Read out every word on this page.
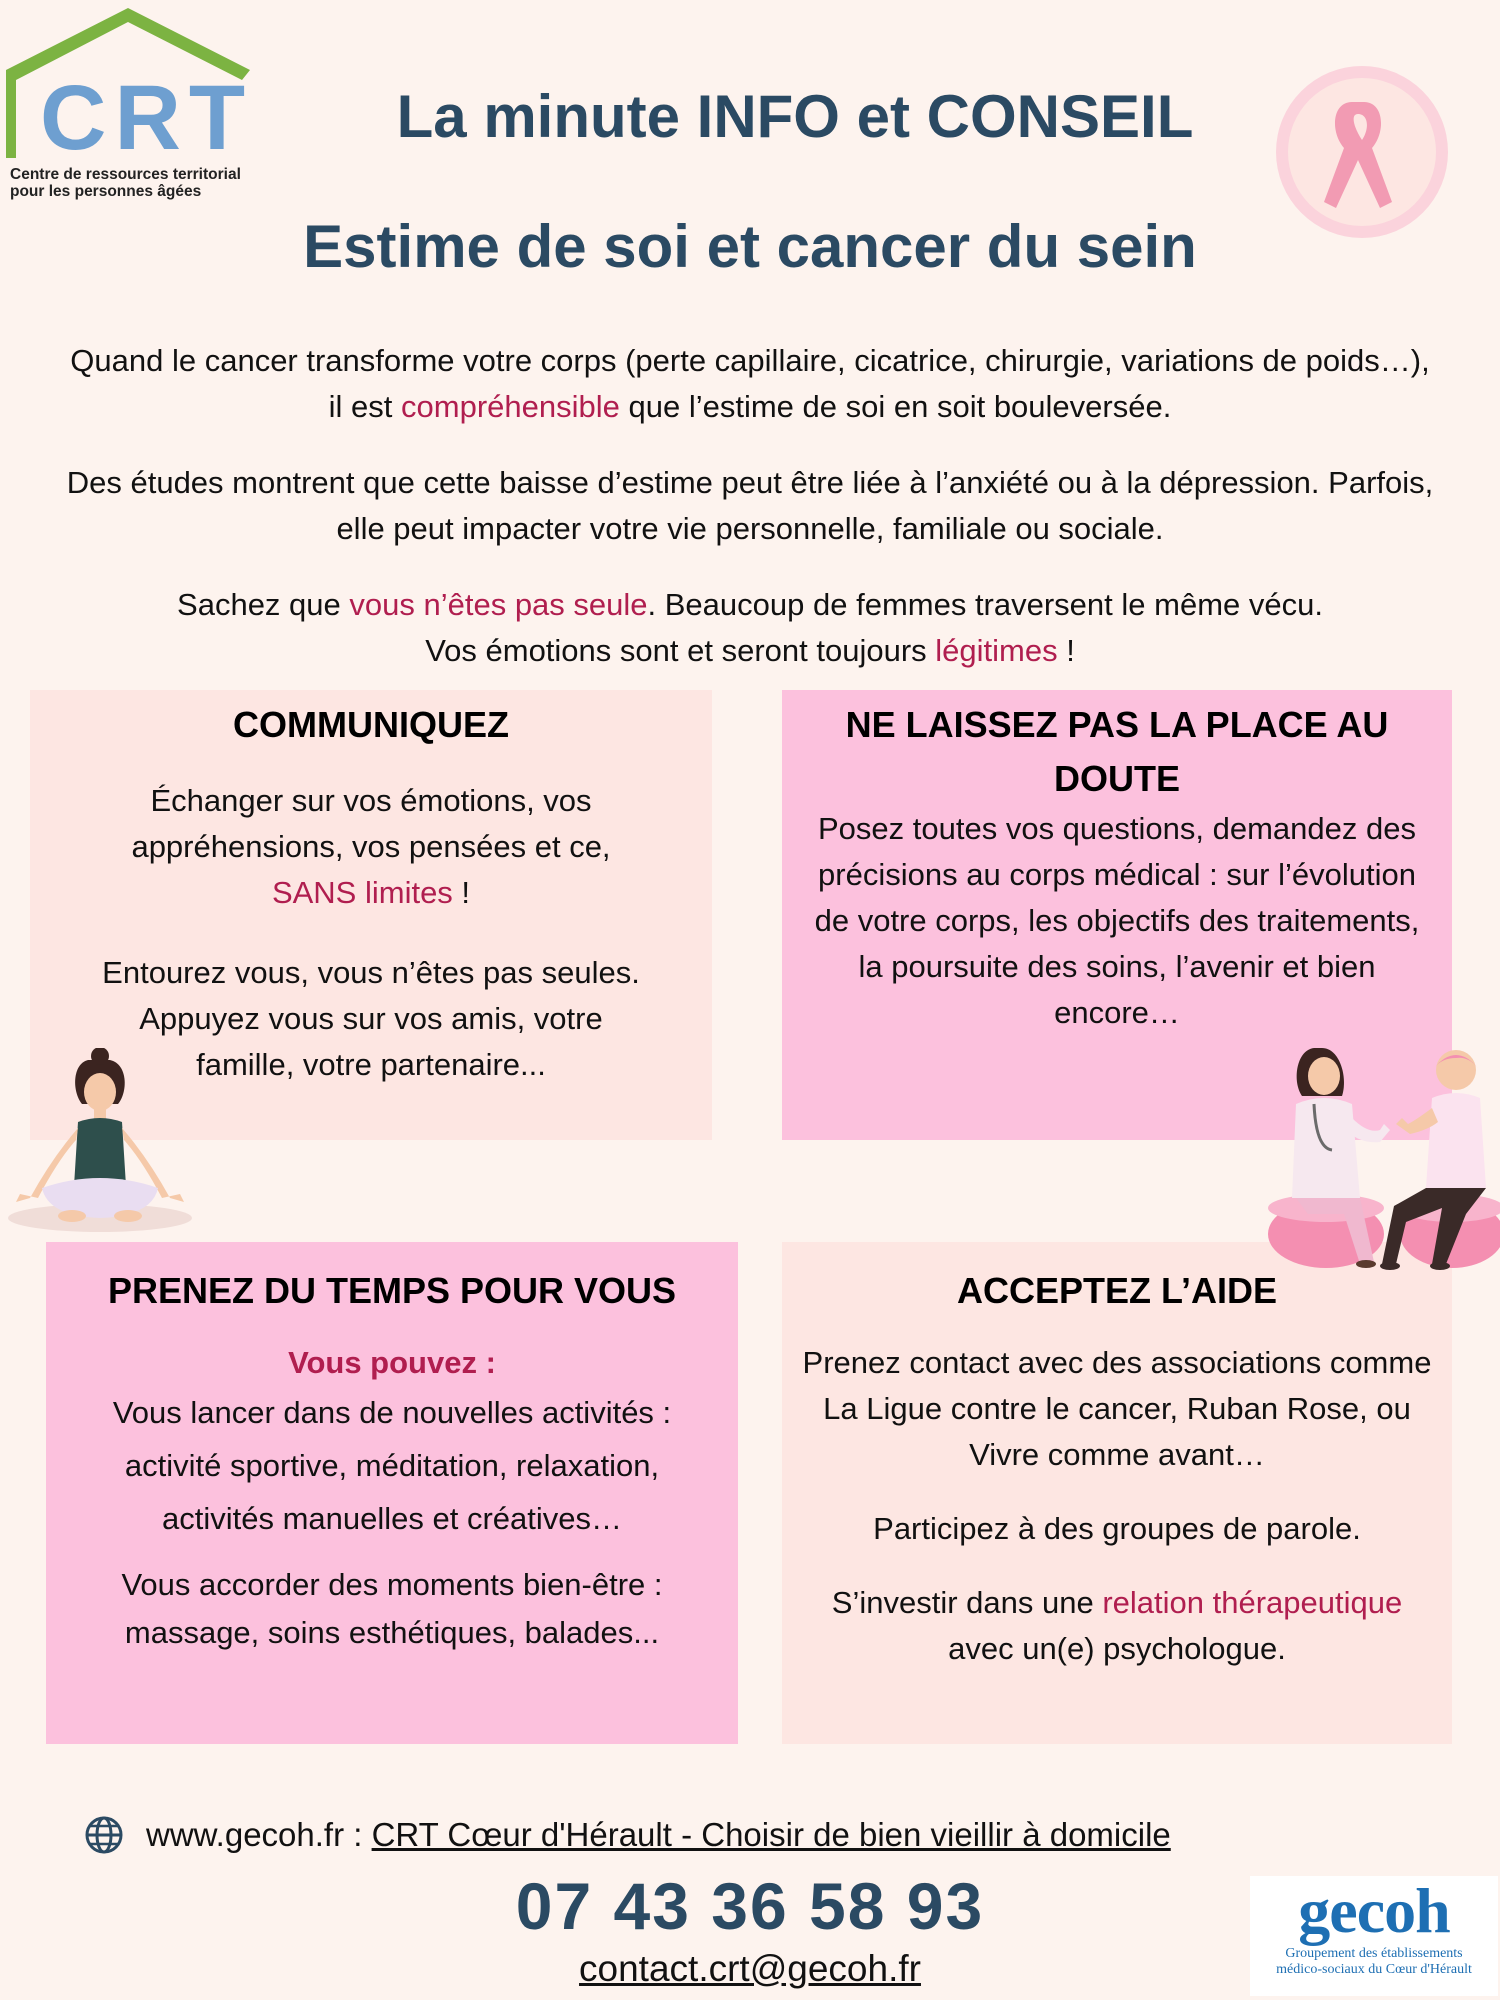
CRT
Centre de ressources territorial
pour les personnes âgées
La minute INFO et CONSEIL
Estime de soi et cancer du sein

Quand le cancer transforme votre corps (perte capillaire, cicatrice, chirurgie, variations de poids…), il est compréhensible que l’estime de soi en soit bouleversée.

Des études montrent que cette baisse d’estime peut être liée à l’anxiété ou à la dépression. Parfois, elle peut impacter votre vie personnelle, familiale ou sociale.

Sachez que vous n’êtes pas seule. Beaucoup de femmes traversent le même vécu.
Vos émotions sont et seront toujours légitimes !

COMMUNIQUEZ

Échanger sur vos émotions, vos appréhensions, vos pensées et ce,
SANS limites !

Entourez vous, vous n’êtes pas seules. Appuyez vous sur vos amis, votre famille, votre partenaire...

NE LAISSEZ PAS LA PLACE AU DOUTE

Posez toutes vos questions, demandez des précisions au corps médical : sur l’évolution de votre corps, les objectifs des traitements, la poursuite des soins, l’avenir et bien encore…

PRENEZ DU TEMPS POUR VOUS

Vous pouvez :

Vous lancer dans de nouvelles activités : activité sportive, méditation, relaxation, activités manuelles et créatives…

Vous accorder des moments bien-être : massage, soins esthétiques, balades...

ACCEPTEZ L’AIDE

Prenez contact avec des associations comme La Ligue contre le cancer, Ruban Rose, ou Vivre comme avant…

Participez à des groupes de parole.

S’investir dans une relation thérapeutique avec un(e) psychologue.

www.gecoh.fr :
CRT Cœur d'Hérault - Choisir de bien vieillir à domicile
07 43 36 58 93
contact.crt@gecoh.fr
gecoh
Groupement des établissements
médico-sociaux du Cœur d'Hérault
